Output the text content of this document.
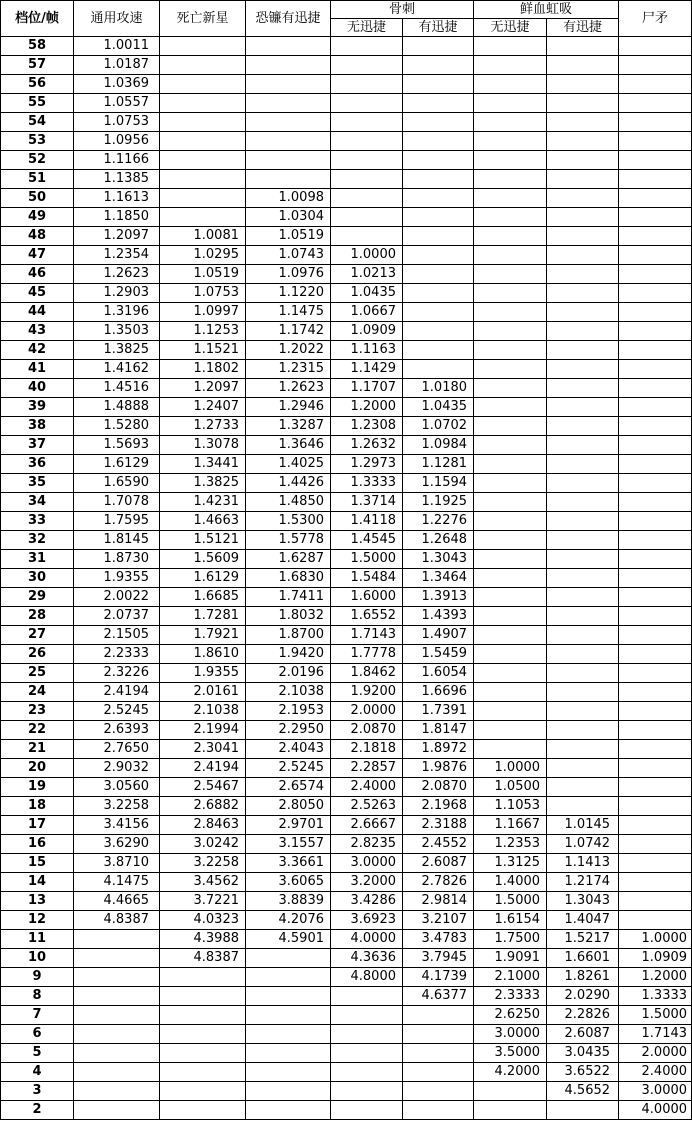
档位/帧	通用攻速	死亡新星	恐镰有迅捷	骨刺		鲜血虹吸		尸矛
				无迅捷	有迅捷	无迅捷	有迅捷	
58	1.0011							
57	1.0187							
56	1.0369							
55	1.0557							
54	1.0753							
53	1.0956							
52	1.1166							
51	1.1385							
50	1.1613		1.0098					
49	1.1850		1.0304					
48	1.2097	1.0081	1.0519					
47	1.2354	1.0295	1.0743	1.0000				
46	1.2623	1.0519	1.0976	1.0213				
45	1.2903	1.0753	1.1220	1.0435				
44	1.3196	1.0997	1.1475	1.0667				
43	1.3503	1.1253	1.1742	1.0909				
42	1.3825	1.1521	1.2022	1.1163				
41	1.4162	1.1802	1.2315	1.1429				
40	1.4516	1.2097	1.2623	1.1707	1.0180			
39	1.4888	1.2407	1.2946	1.2000	1.0435			
38	1.5280	1.2733	1.3287	1.2308	1.0702			
37	1.5693	1.3078	1.3646	1.2632	1.0984			
36	1.6129	1.3441	1.4025	1.2973	1.1281			
35	1.6590	1.3825	1.4426	1.3333	1.1594			
34	1.7078	1.4231	1.4850	1.3714	1.1925			
33	1.7595	1.4663	1.5300	1.4118	1.2276			
32	1.8145	1.5121	1.5778	1.4545	1.2648			
31	1.8730	1.5609	1.6287	1.5000	1.3043			
30	1.9355	1.6129	1.6830	1.5484	1.3464			
29	2.0022	1.6685	1.7411	1.6000	1.3913			
28	2.0737	1.7281	1.8032	1.6552	1.4393			
27	2.1505	1.7921	1.8700	1.7143	1.4907			
26	2.2333	1.8610	1.9420	1.7778	1.5459			
25	2.3226	1.9355	2.0196	1.8462	1.6054			
24	2.4194	2.0161	2.1038	1.9200	1.6696			
23	2.5245	2.1038	2.1953	2.0000	1.7391			
22	2.6393	2.1994	2.2950	2.0870	1.8147			
21	2.7650	2.3041	2.4043	2.1818	1.8972			
20	2.9032	2.4194	2.5245	2.2857	1.9876	1.0000		
19	3.0560	2.5467	2.6574	2.4000	2.0870	1.0500		
18	3.2258	2.6882	2.8050	2.5263	2.1968	1.1053		
17	3.4156	2.8463	2.9701	2.6667	2.3188	1.1667	1.0145	
16	3.6290	3.0242	3.1557	2.8235	2.4552	1.2353	1.0742	
15	3.8710	3.2258	3.3661	3.0000	2.6087	1.3125	1.1413	
14	4.1475	3.4562	3.6065	3.2000	2.7826	1.4000	1.2174	
13	4.4665	3.7221	3.8839	3.4286	2.9814	1.5000	1.3043	
12	4.8387	4.0323	4.2076	3.6923	3.2107	1.6154	1.4047	
11		4.3988	4.5901	4.0000	3.4783	1.7500	1.5217	1.0000
10		4.8387		4.3636	3.7945	1.9091	1.6601	1.0909
9				4.8000	4.1739	2.1000	1.8261	1.2000
8					4.6377	2.3333	2.0290	1.3333
7						2.6250	2.2826	1.5000
6						3.0000	2.6087	1.7143
5						3.5000	3.0435	2.0000
4						4.2000	3.6522	2.4000
3							4.5652	3.0000
2								4.0000
